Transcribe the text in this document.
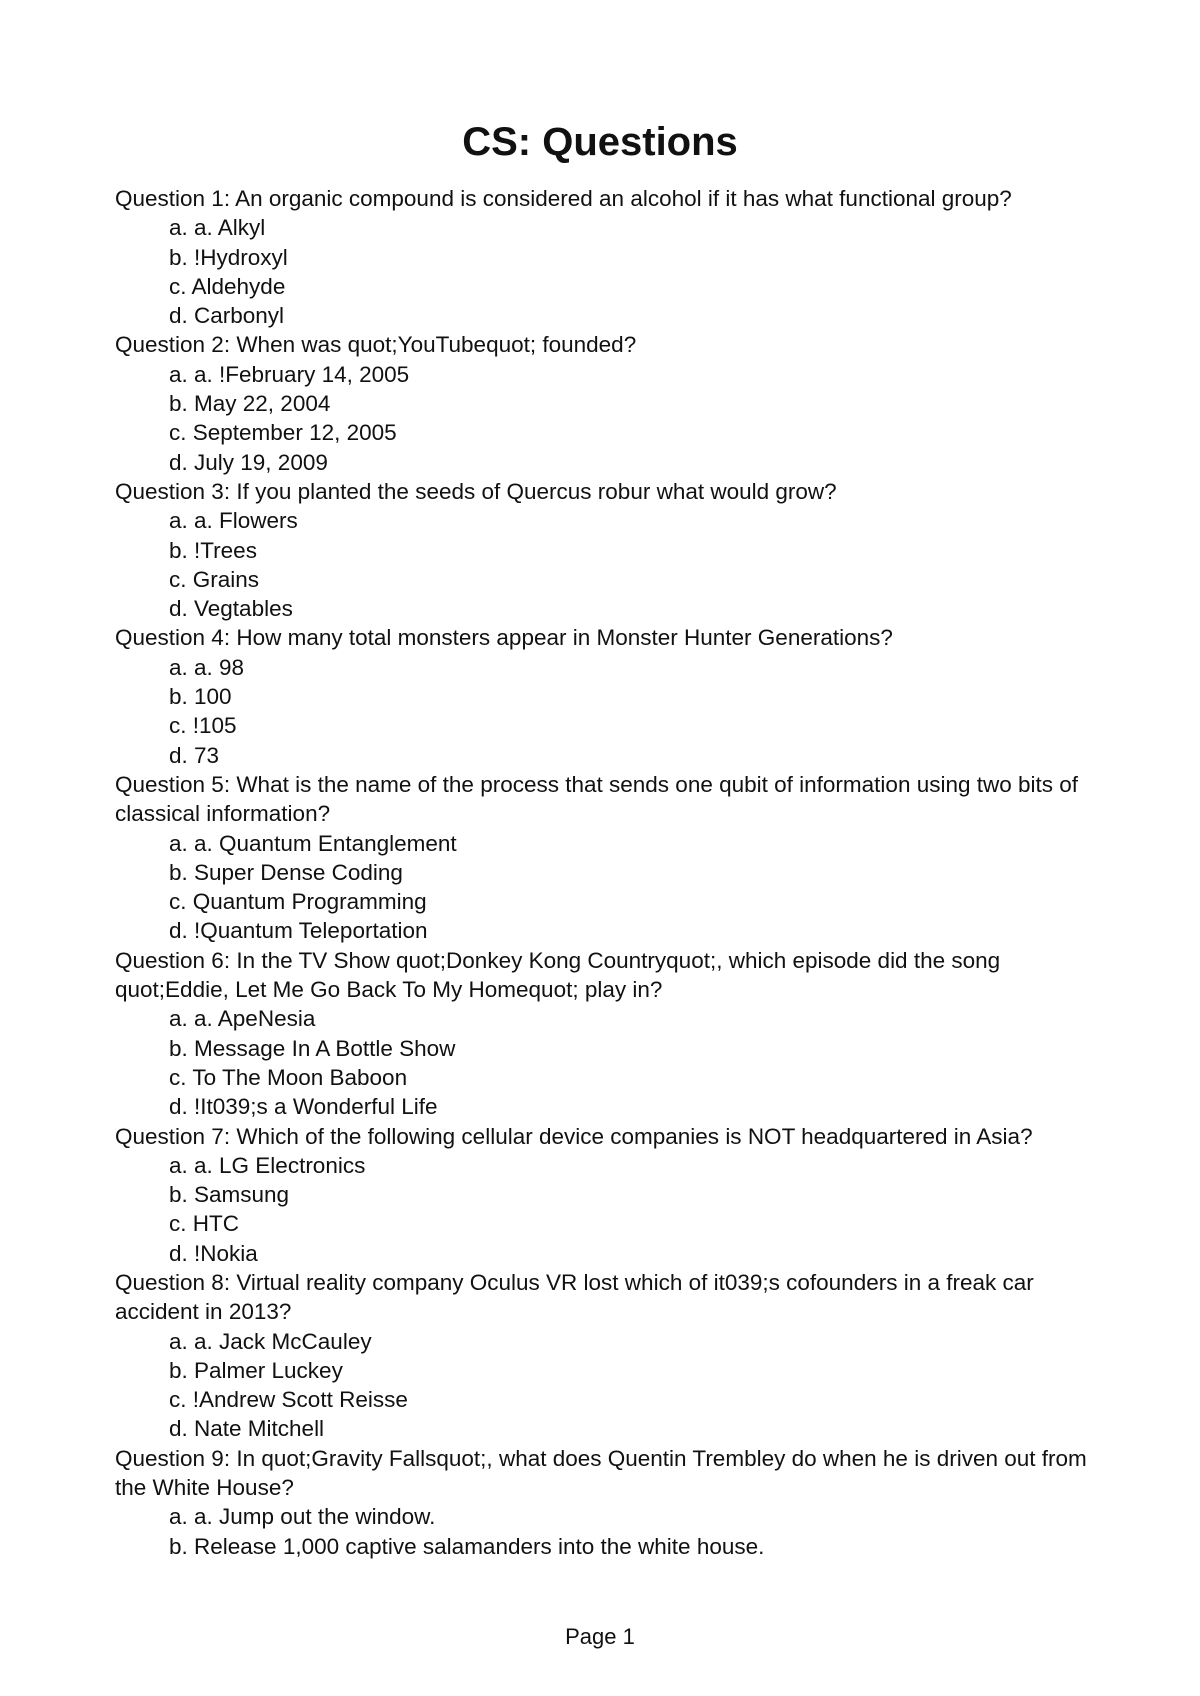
CS: Questions

Question 1: An organic compound is considered an alcohol if it has what functional group?

a. a. Alkyl
b. !Hydroxyl
c. Aldehyde
d. Carbonyl

Question 2: When was quot;YouTubequot; founded?

a. a. !February 14, 2005
b. May 22, 2004
c. September 12, 2005
d. July 19, 2009

Question 3: If you planted the seeds of Quercus robur what would grow?

a. a. Flowers
b. !Trees
c. Grains
d. Vegtables

Question 4: How many total monsters appear in Monster Hunter Generations?

a. a. 98
b. 100
c. !105
d. 73

Question 5: What is the name of the process that sends one qubit of information using two bits of classical information?

a. a. Quantum Entanglement
b. Super Dense Coding
c. Quantum Programming
d. !Quantum Teleportation

Question 6: In the TV Show quot;Donkey Kong Countryquot;, which episode did the song quot;Eddie, Let Me Go Back To My Homequot; play in?

a. a. ApeNesia
b. Message In A Bottle Show
c. To The Moon Baboon
d. !It039;s a Wonderful Life

Question 7: Which of the following cellular device companies is NOT headquartered in Asia?

a. a. LG Electronics
b. Samsung
c. HTC
d. !Nokia

Question 8: Virtual reality company Oculus VR lost which of it039;s cofounders in a freak car accident in 2013?

a. a. Jack McCauley
b. Palmer Luckey
c. !Andrew Scott Reisse
d. Nate Mitchell

Question 9: In quot;Gravity Fallsquot;, what does Quentin Trembley do when he is driven out from the White House?

a. a. Jump out the window.
b. Release 1,000 captive salamanders into the white house.
Page 1
